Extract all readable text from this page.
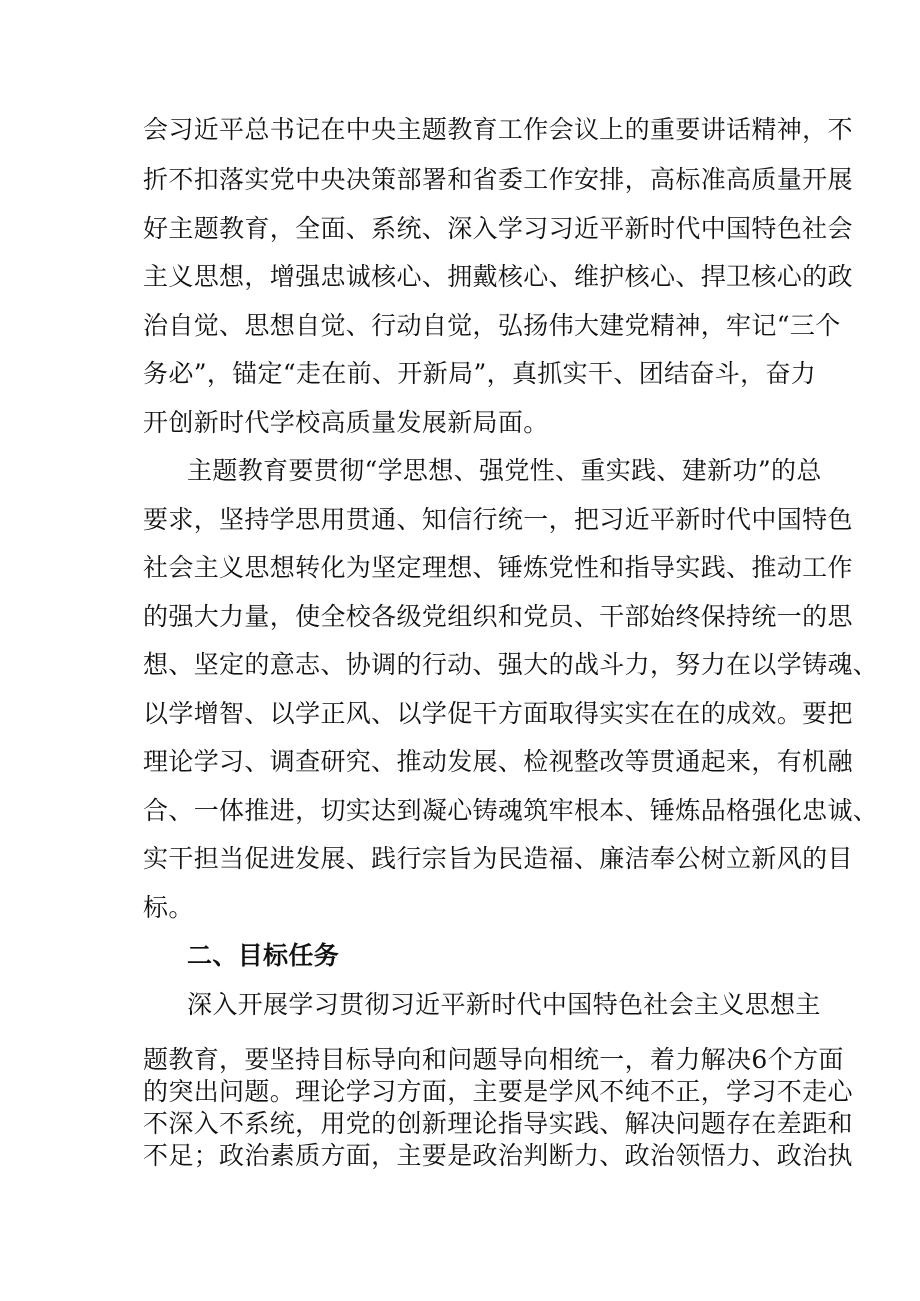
会习近平总书记在中央主题教育工作会议上的重要讲话精神，不
折不扣落实党中央决策部署和省委工作安排，高标准高质量开展
好主题教育，全面、系统、深入学习习近平新时代中国特色社会
主义思想，增强忠诚核心、拥戴核心、维护核心、捍卫核心的政
治自觉、思想自觉、行动自觉，弘扬伟大建党精神，牢记“三个
务必”，锚定“走在前、开新局”，真抓实干、团结奋斗，奋力
开创新时代学校高质量发展新局面。
主题教育要贯彻“学思想、强党性、重实践、建新功”的总
要求，坚持学思用贯通、知信行统一，把习近平新时代中国特色
社会主义思想转化为坚定理想、锤炼党性和指导实践、推动工作
的强大力量，使全校各级党组织和党员、干部始终保持统一的思
想、坚定的意志、协调的行动、强大的战斗力，努力在以学铸魂、
以学增智、以学正风、以学促干方面取得实实在在的成效。要把
理论学习、调查研究、推动发展、检视整改等贯通起来，有机融
合、一体推进，切实达到凝心铸魂筑牢根本、锤炼品格强化忠诚、
实干担当促进发展、践行宗旨为民造福、廉洁奉公树立新风的目
标。
二、目标任务
深入开展学习贯彻习近平新时代中国特色社会主义思想主
题教育，要坚持目标导向和问题导向相统一，着力解决6个方面
的突出问题。理论学习方面，主要是学风不纯不正，学习不走心
不深入不系统，用党的创新理论指导实践、解决问题存在差距和
不足；政治素质方面，主要是政治判断力、政治领悟力、政治执
